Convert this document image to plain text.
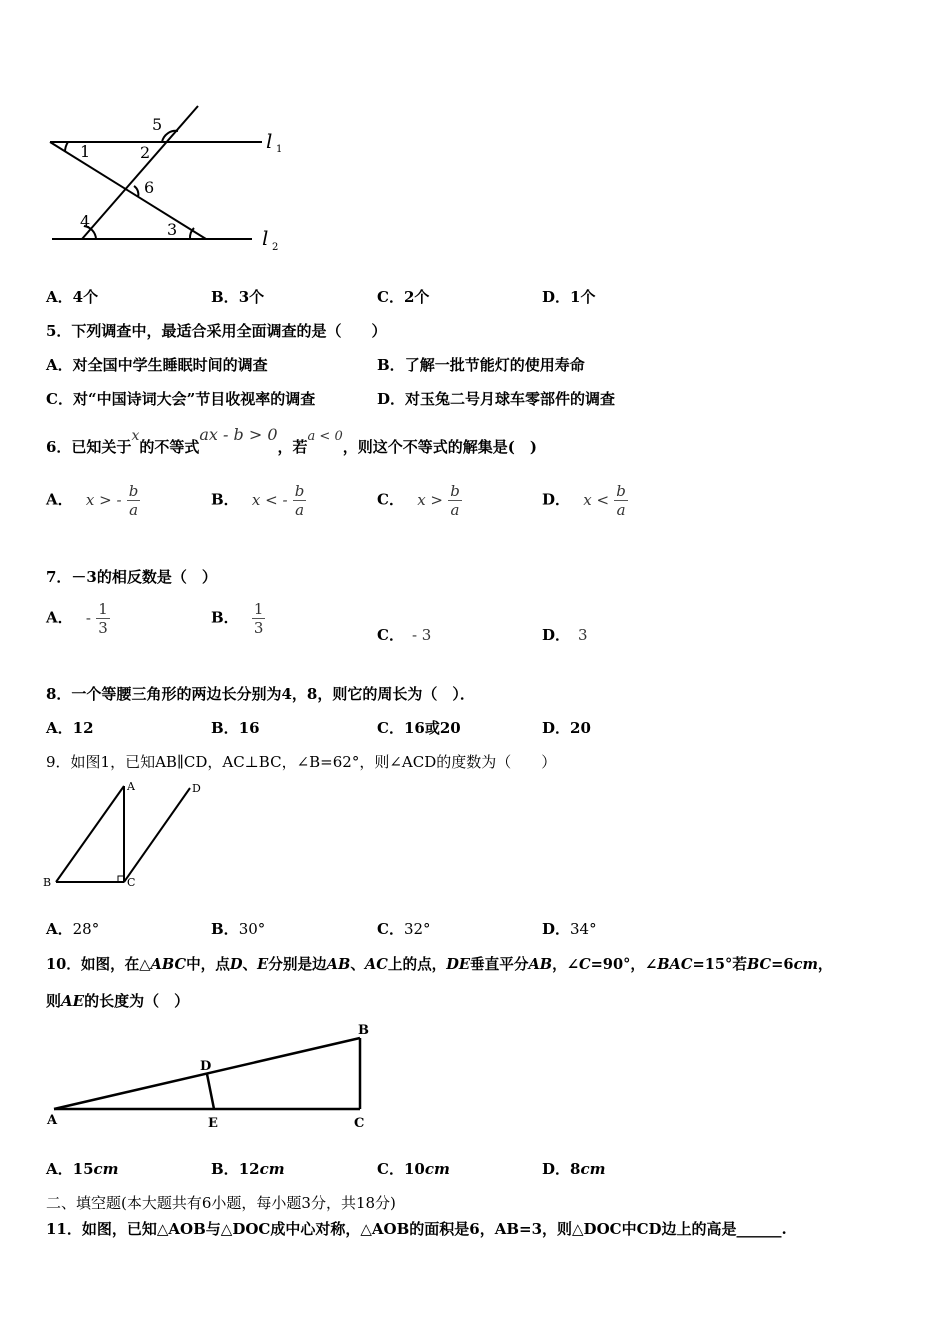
1	2
3
4
5
6
l 1
l 2
A．4个	B．3个	C．2个	D．1个
5．下列调查中，最适合采用全面调查的是（　　）
A．对全国中学生睡眠时间的调查	B．了解一批节能灯的使用寿命
C．对“中国诗词大会”节目收视率的调查	D．对玉兔二号月球车零部件的调查
6．已知关于x的不等式ax - b > 0，若a < 0，则这个不等式的解集是(　)
A． x > - $\frac{b}{a}$	B． x < - $\frac{b}{a}$	C． $x > \frac{b}{a}$	D． $x < \frac{b}{a}$
7．－3的相反数是（　）
A． - $\frac{1}{3}$	B． $\frac{1}{3}$	C． - 3	D． 3
8．一个等腰三角形的两边长分别为4，8，则它的周长为（　）．
A．12	B．16	C．16或20	D．20
9．如图1，已知AB∥CD，AC⊥BC，∠B=62°，则∠ACD的度数为（　　）
A
B	C
D
A．28°	B．30°	C．32°	D．34°
10．如图，在△ABC中，点D、E分别是边AB、AC上的点，DE垂直平分AB，∠C=90°，∠BAC=15°若BC=6cm，
则AE的长度为（　）
A
B
C
D
E
A．15cm	B．12cm	C．10cm	D．8cm
二、填空题(本大题共有6小题，每小题3分，共18分)
11．如图，已知△AOB与△DOC成中心对称，△AOB的面积是6，AB=3，则△DOC中CD边上的高是______.
